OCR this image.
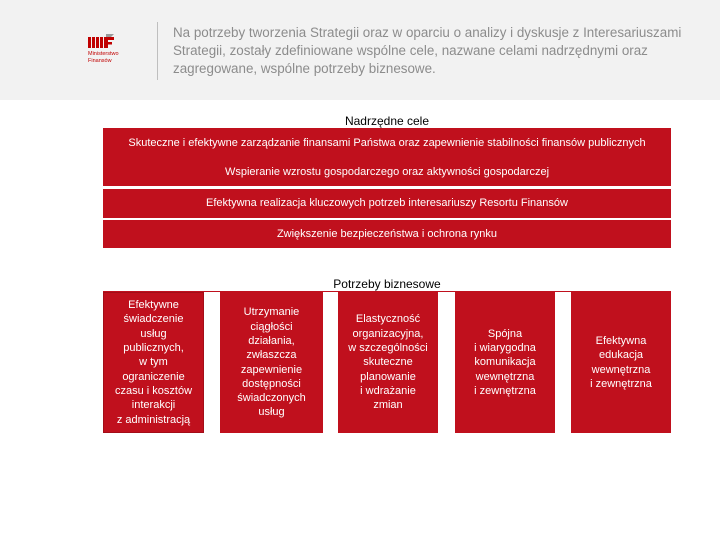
Ministerstwo
Finansów
Na potrzeby tworzenia Strategii oraz w oparciu o analizy i dyskusje z Interesariuszami Strategii, zostały zdefiniowane wspólne cele, nazwane celami nadrzędnymi oraz zagregowane, wspólne potrzeby biznesowe.
Nadrzędne cele
Skuteczne i efektywne zarządzanie finansami Państwa oraz zapewnienie stabilności finansów publicznych
Wspieranie wzrostu gospodarczego oraz aktywności gospodarczej
Efektywna realizacja kluczowych potrzeb interesariuszy Resortu Finansów
Zwiększenie bezpieczeństwa i ochrona rynku
Potrzeby biznesowe
Efektywne
świadczenie
usług
publicznych,
w tym
ograniczenie
czasu i kosztów
interakcji
z administracją
Utrzymanie
ciągłości
działania,
zwłaszcza
zapewnienie
dostępności
świadczonych
usług
Elastyczność
organizacyjna,
w szczególności
skuteczne
planowanie
i wdrażanie
zmian
Spójna
i wiarygodna
komunikacja
wewnętrzna
i zewnętrzna
Efektywna
edukacja
wewnętrzna
i zewnętrzna
